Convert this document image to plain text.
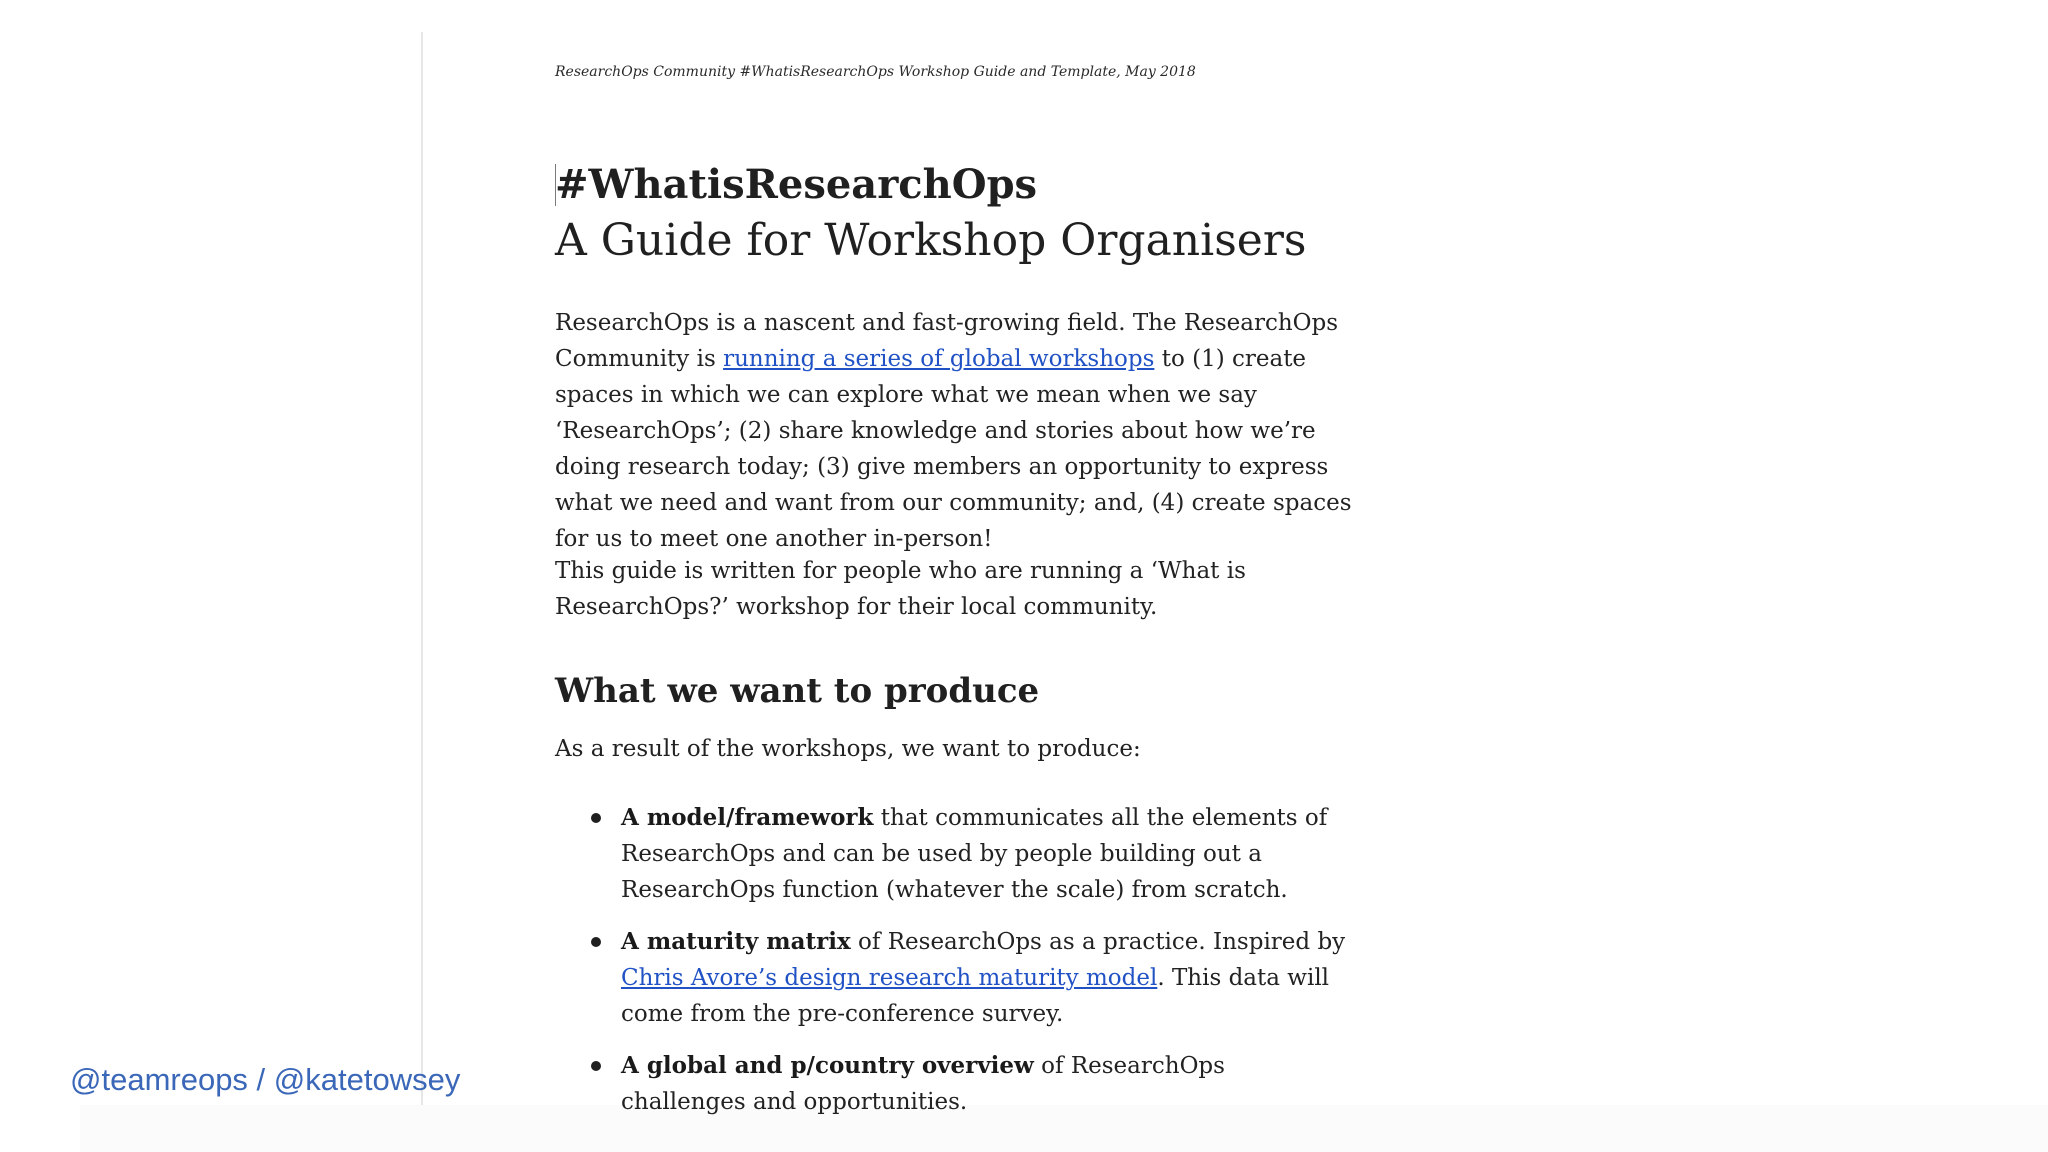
@teamreops / @katetowsey
ResearchOps Community #WhatisResearchOps Workshop Guide and Template, May 2018
#WhatisResearchOps
A Guide for Workshop Organisers

ResearchOps is a nascent and fast-growing field. The ResearchOps Community is running a series of global workshops to (1) create spaces in which we can explore what we mean when we say ‘ResearchOps’; (2) share knowledge and stories about how we’re doing research today; (3) give members an opportunity to express what we need and want from our community; and, (4) create spaces for us to meet one another in-person!

This guide is written for people who are running a ‘What is ResearchOps?’ workshop for their local community.

What we want to produce

As a result of the workshops, we want to produce:

A model/framework that communicates all the elements of ResearchOps and can be used by people building out a ResearchOps function (whatever the scale) from scratch.
A maturity matrix of ResearchOps as a practice. Inspired by Chris Avore’s design research maturity model. This data will come from the pre-conference survey.
A global and p/country overview of ResearchOps challenges and opportunities.
